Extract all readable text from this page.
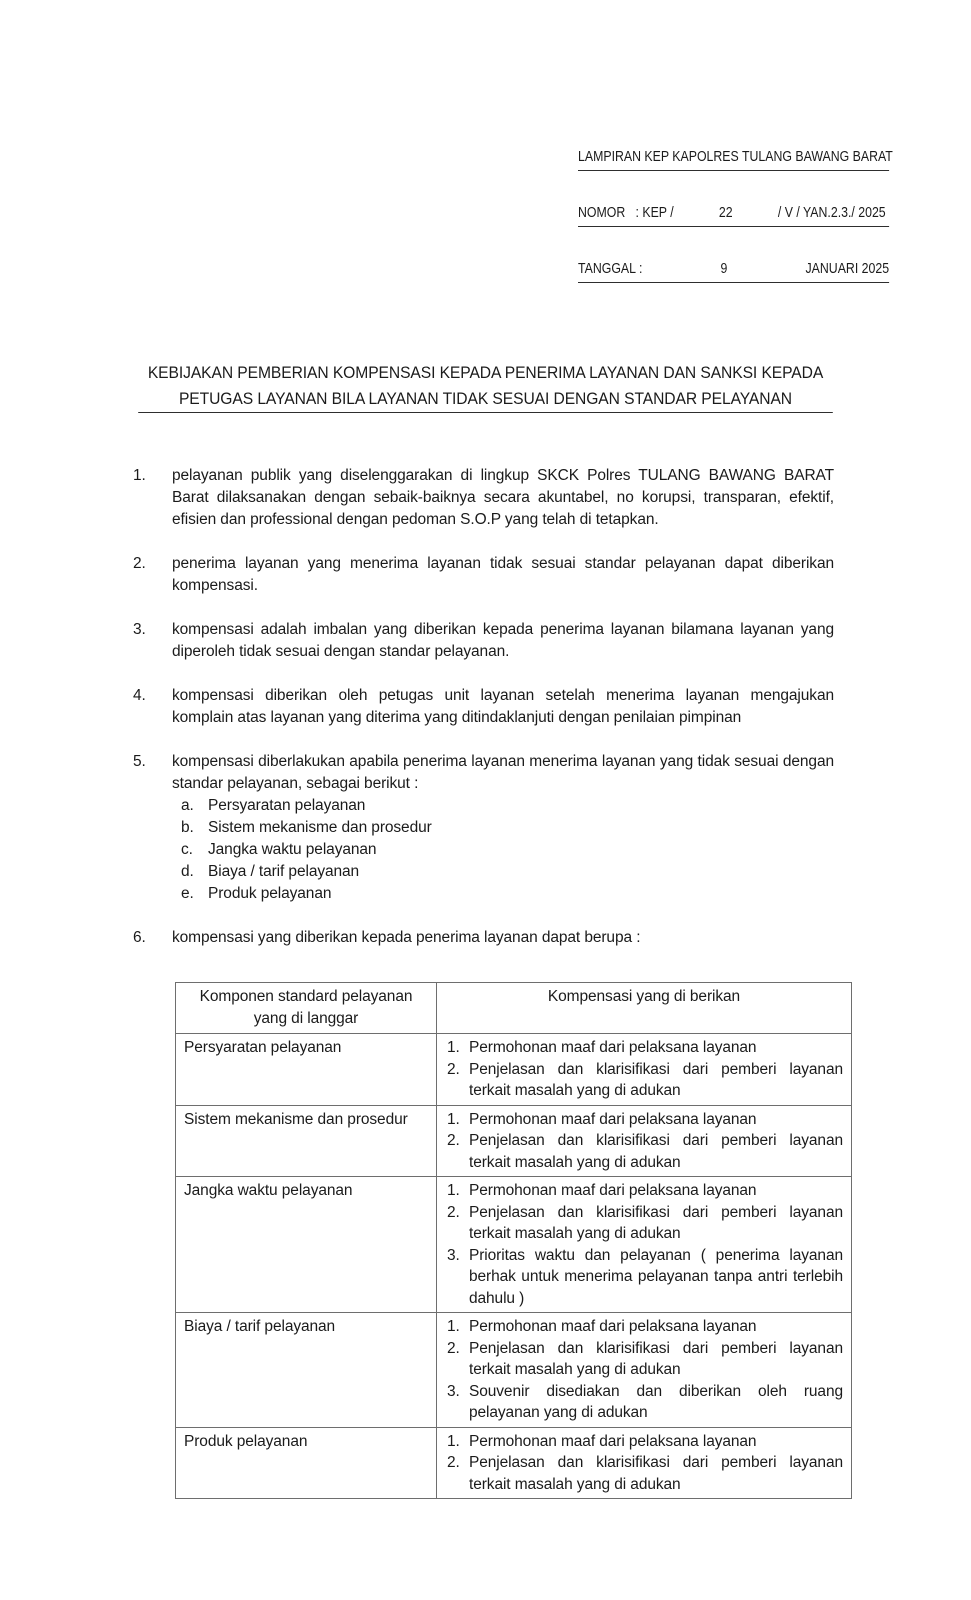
LAMPIRAN KEP KAPOLRES TULANG BAWANG BARAT

NOMOR   : KEP /	22	/ V / YAN.2.3./ 2025

TANGGAL :	9	JANUARI 2025

KEBIJAKAN PEMBERIAN KOMPENSASI KEPADA PENERIMA LAYANAN DAN SANKSI KEPADA
PETUGAS LAYANAN BILA LAYANAN TIDAK SESUAI DENGAN STANDAR PELAYANAN
1.	pelayanan publik yang diselenggarakan di lingkup SKCK Polres TULANG BAWANG BARAT Barat dilaksanakan dengan sebaik-baiknya secara akuntabel, no korupsi, transparan, efektif, efisien dan professional dengan pedoman S.O.P yang telah di tetapkan.
2.	penerima layanan yang menerima layanan tidak sesuai standar pelayanan dapat diberikan kompensasi.
3.	kompensasi adalah imbalan yang diberikan kepada penerima layanan bilamana layanan yang diperoleh tidak sesuai dengan standar pelayanan.
4.	kompensasi diberikan oleh petugas unit layanan setelah menerima layanan mengajukan komplain atas layanan yang diterima yang ditindaklanjuti dengan penilaian pimpinan
5.	kompensasi diberlakukan apabila penerima layanan menerima layanan yang tidak sesuai dengan standar pelayanan, sebagai berikut :
a. Persyaratan pelayanan
b. Sistem mekanisme dan prosedur
c. Jangka waktu pelayanan
d. Biaya / tarif pelayanan
e. Produk pelayanan
6.	kompensasi yang diberikan kepada penerima layanan dapat berupa :
Komponen standard pelayanan
yang di langgar	Kompensasi yang di berikan
Persyaratan pelayanan	1. Permohonan maaf dari pelaksana layanan
2. Penjelasan dan klarisifikasi dari pemberi layanan terkait masalah yang di adukan

Sistem mekanisme dan prosedur	1. Permohonan maaf dari pelaksana layanan
2. Penjelasan dan klarisifikasi dari pemberi layanan terkait masalah yang di adukan

Jangka waktu pelayanan	1. Permohonan maaf dari pelaksana layanan
2. Penjelasan dan klarisifikasi dari pemberi layanan terkait masalah yang di adukan
3. Prioritas waktu dan pelayanan ( penerima layanan berhak untuk menerima pelayanan tanpa antri terlebih dahulu )

Biaya / tarif pelayanan	1. Permohonan maaf dari pelaksana layanan
2. Penjelasan dan klarisifikasi dari pemberi layanan terkait masalah yang di adukan
3. Souvenir disediakan dan diberikan oleh ruang pelayanan yang di adukan

Produk pelayanan	1. Permohonan maaf dari pelaksana layanan
2. Penjelasan dan klarisifikasi dari pemberi layanan terkait masalah yang di adukan
